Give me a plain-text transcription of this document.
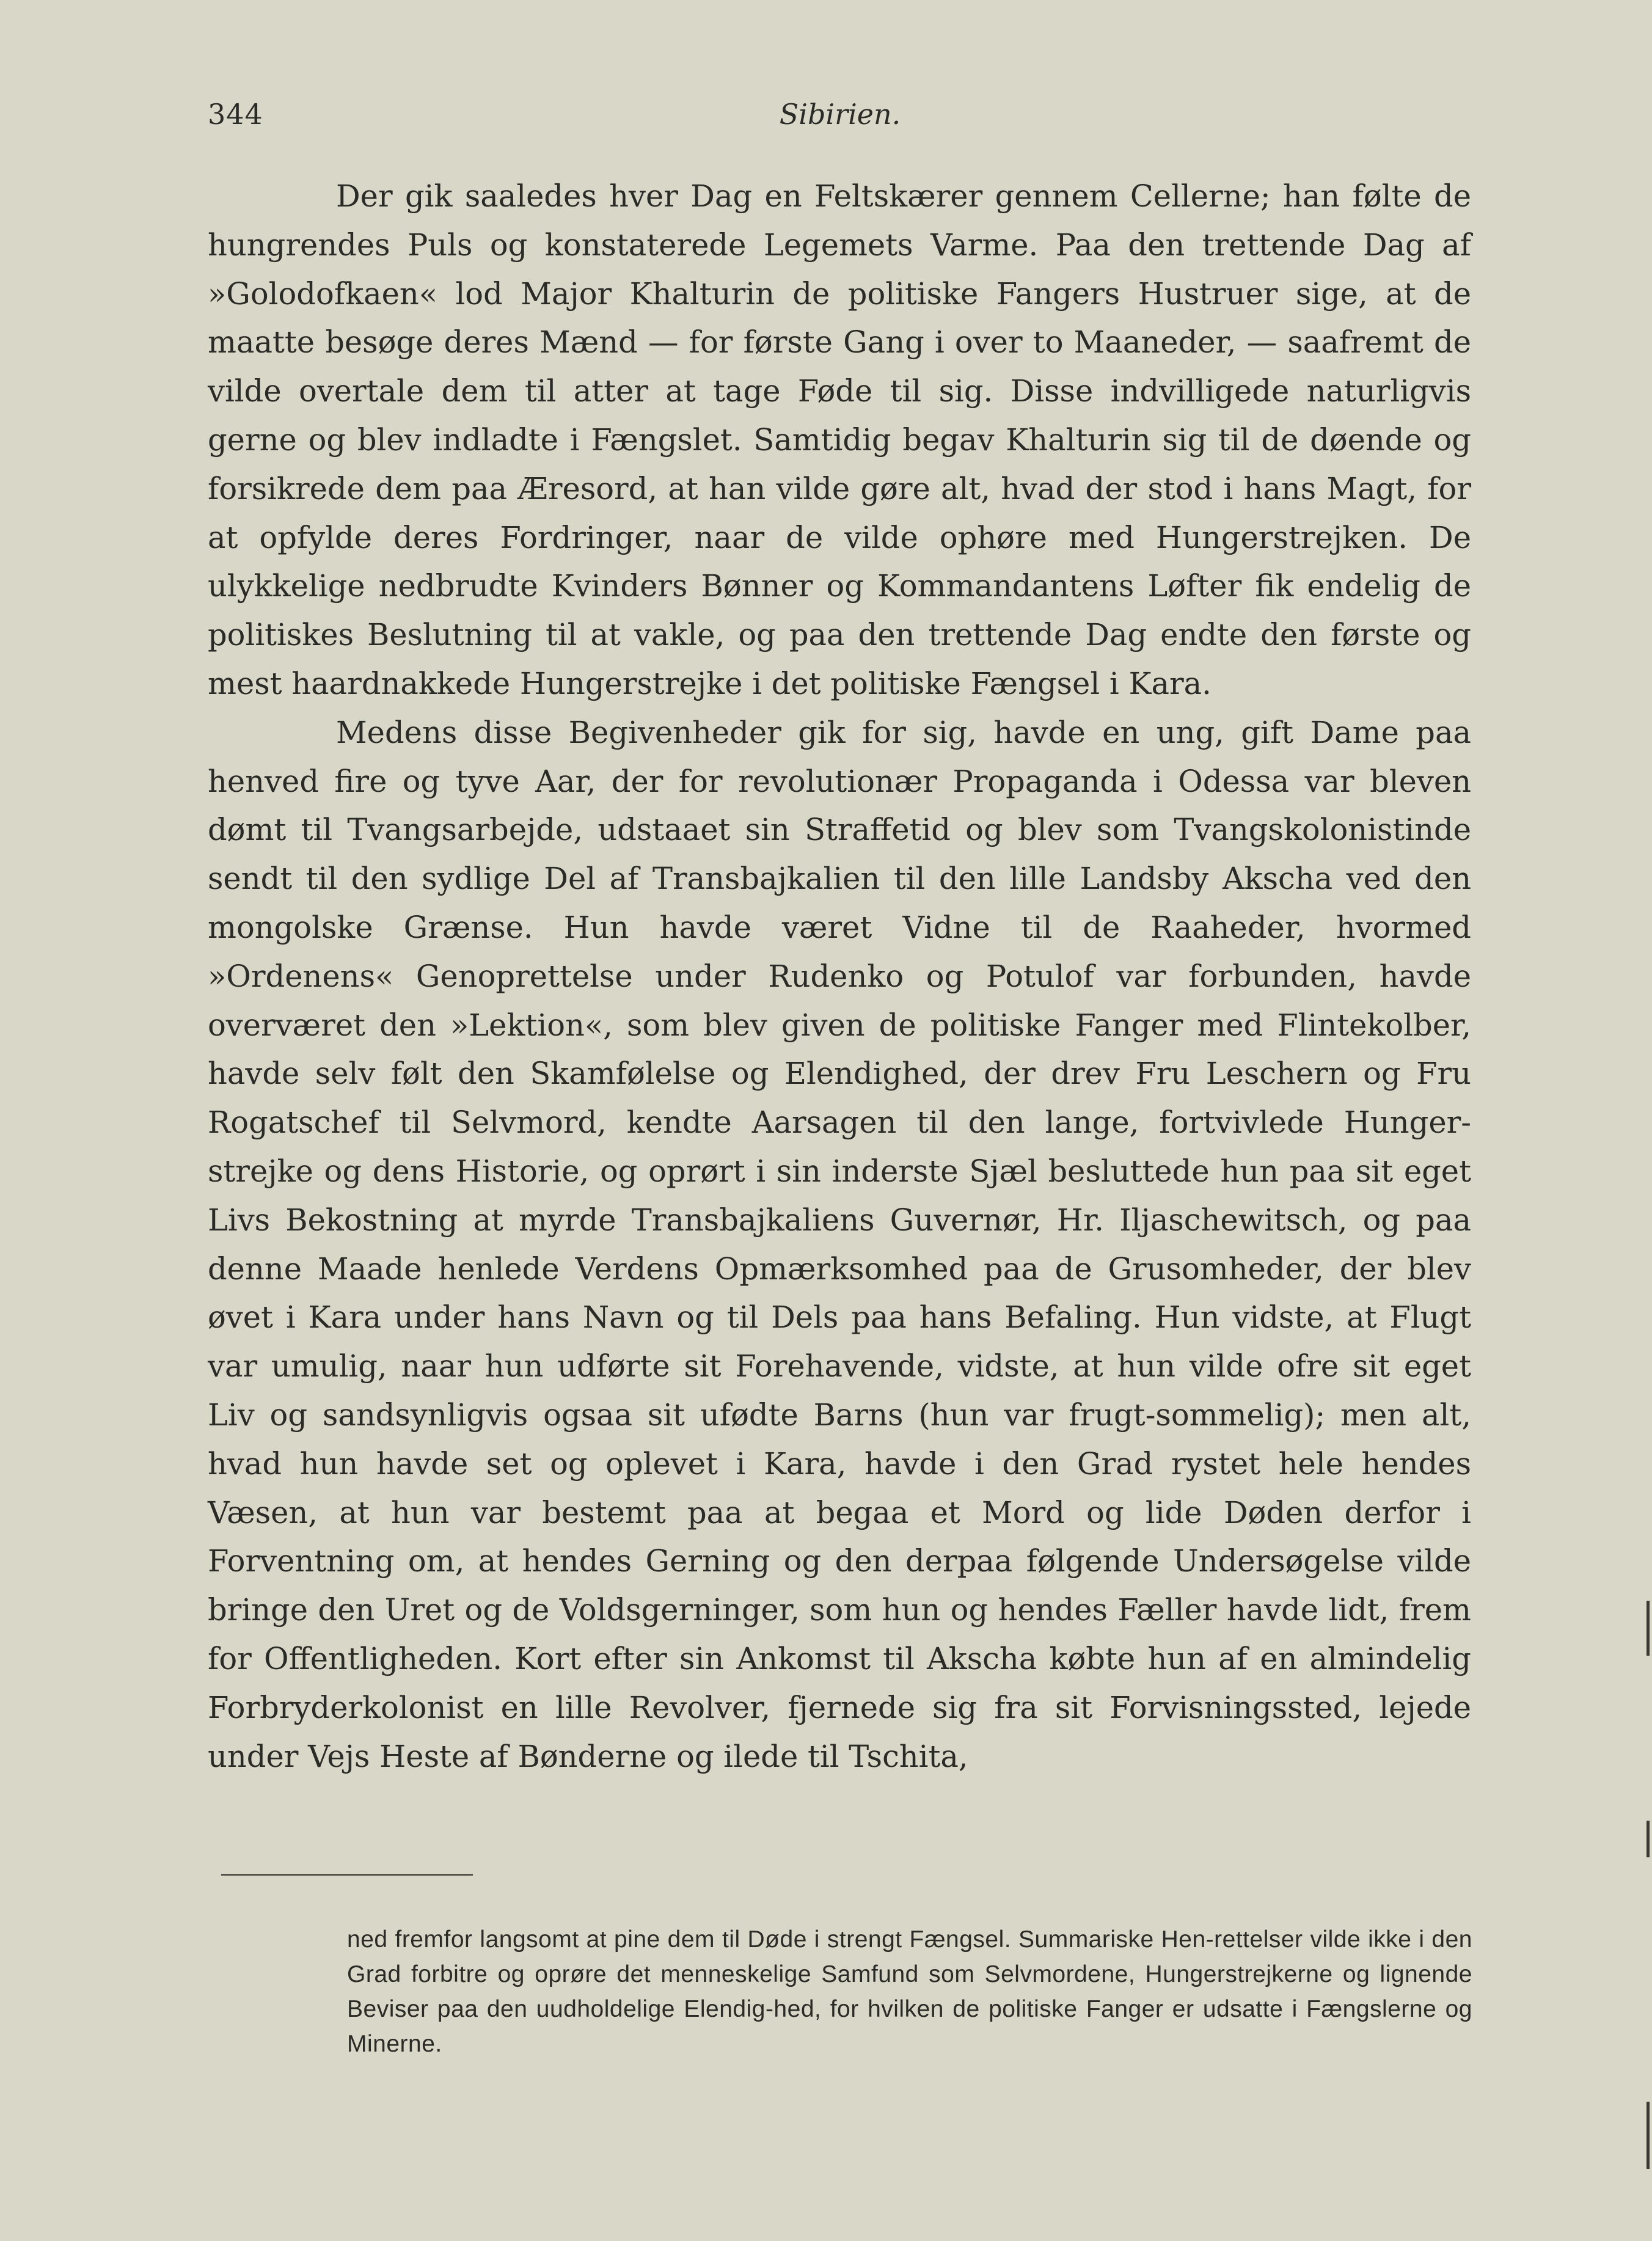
344	Sibirien.

Der gik saaledes hver Dag en Feltskærer gennem Cellerne; han følte de hungrendes Puls og konstaterede Legemets Varme. Paa den trettende Dag af »Golodofkaen« lod Major Khalturin de politiske Fangers Hustruer sige, at de maatte besøge deres Mænd — for første Gang i over to Maaneder, — saafremt de vilde overtale dem til atter at tage Føde til sig. Disse indvilligede naturligvis gerne og blev indladte i Fængslet. Samtidig begav Khalturin sig til de døende og forsikrede dem paa Æresord, at han vilde gøre alt, hvad der stod i hans Magt, for at opfylde deres Fordringer, naar de vilde ophøre med Hungerstrejken. De ulykkelige nedbrudte Kvinders Bønner og Kommandantens Løfter fik endelig de politiskes Beslutning til at vakle, og paa den trettende Dag endte den første og mest haardnakkede Hungerstrejke i det politiske Fængsel i Kara.

Medens disse Begivenheder gik for sig, havde en ung, gift Dame paa henved fire og tyve Aar, der for revolutionær Propaganda i Odessa var bleven dømt til Tvangsarbejde, udstaaet sin Straffetid og blev som Tvangskolonistinde sendt til den sydlige Del af Transbajkalien til den lille Landsby Akscha ved den mongolske Grænse. Hun havde været Vidne til de Raaheder, hvormed »Ordenens« Genoprettelse under Rudenko og Potulof var forbunden, havde overværet den »Lektion«, som blev given de politiske Fanger med Flintekolber, havde selv følt den Skamfølelse og Elendighed, der drev Fru Leschern og Fru Rogatschef til Selvmord, kendte Aarsagen til den lange, fortvivlede Hunger-strejke og dens Historie, og oprørt i sin inderste Sjæl besluttede hun paa sit eget Livs Bekostning at myrde Transbajkaliens Guvernør, Hr. Iljaschewitsch, og paa denne Maade henlede Verdens Opmærksomhed paa de Grusomheder, der blev øvet i Kara under hans Navn og til Dels paa hans Befaling. Hun vidste, at Flugt var umulig, naar hun udførte sit Forehavende, vidste, at hun vilde ofre sit eget Liv og sandsynligvis ogsaa sit ufødte Barns (hun var frugt-sommelig); men alt, hvad hun havde set og oplevet i Kara, havde i den Grad rystet hele hendes Væsen, at hun var bestemt paa at begaa et Mord og lide Døden derfor i Forventning om, at hendes Gerning og den derpaa følgende Undersøgelse vilde bringe den Uret og de Voldsgerninger, som hun og hendes Fæller havde lidt, frem for Offentligheden. Kort efter sin Ankomst til Akscha købte hun af en almindelig Forbryderkolonist en lille Revolver, fjernede sig fra sit Forvisningssted, lejede under Vejs Heste af Bønderne og ilede til Tschita,

ned fremfor langsomt at pine dem til Døde i strengt Fængsel. Summariske Hen-rettelser vilde ikke i den Grad forbitre og oprøre det menneskelige Samfund som Selvmordene, Hungerstrejkerne og lignende Beviser paa den uudholdelige Elendig-hed, for hvilken de politiske Fanger er udsatte i Fængslerne og Minerne.
